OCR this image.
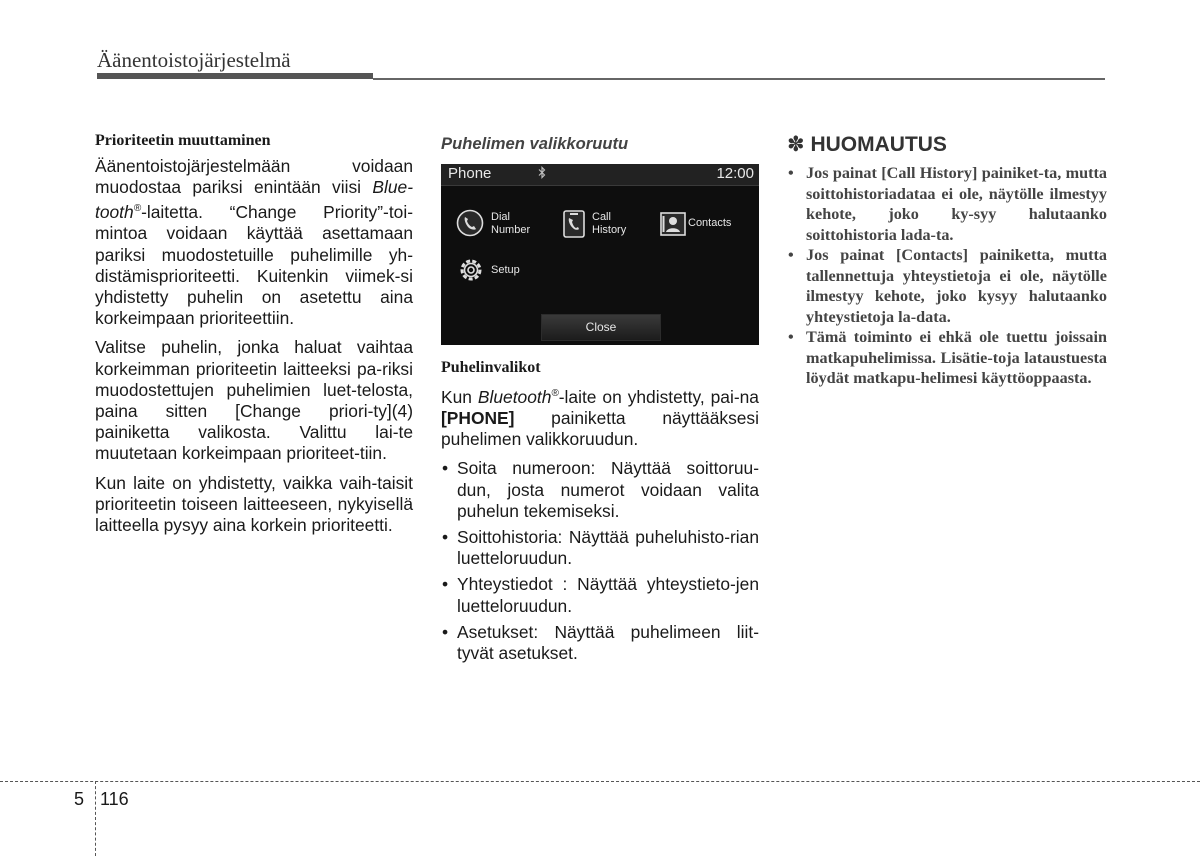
Äänentoistojärjestelmä
Prioriteetin muuttaminen

Äänentoistojärjestelmään voidaan muodostaa pariksi enintään viisi Blue-tooth®-laitetta. “Change Priority”-toi-mintoa voidaan käyttää asettamaan pariksi muodostetuille puhelimille yh-distämisprioriteetti. Kuitenkin viimek-si yhdistetty puhelin on asetettu aina korkeimpaan prioriteettiin.

Valitse puhelin, jonka haluat vaihtaa korkeimman prioriteetin laitteeksi pa-riksi muodostettujen puhelimien luet-telosta, paina sitten [Change priori-ty](4) painiketta valikosta. Valittu lai-te muutetaan korkeimpaan prioriteet-tiin.

Kun laite on yhdistetty, vaikka vaih-taisit prioriteetin toiseen laitteeseen, nykyisellä laitteella pysyy aina korkein prioriteetti.

Puhelimen valikkoruutu
Phone	12:00
Dial
Number
Call
History
Contacts
Setup
Close
Puhelinvalikot

Kun Bluetooth®-laite on yhdistetty, pai-na [PHONE] painiketta näyttääksesi puhelimen valikkoruudun.

• Soita numeroon: Näyttää soittoruu-dun, josta numerot voidaan valita puhelun tekemiseksi.
• Soittohistoria: Näyttää puheluhisto-rian luetteloruudun.
• Yhteystiedot : Näyttää yhteystieto-jen luetteloruudun.
• Asetukset: Näyttää puhelimeen liit-tyvät asetukset.
✽ HUOMAUTUS
• Jos painat [Call History] painiket-ta, mutta soittohistoriadataa ei ole, näytölle ilmestyy kehote, joko ky-syy halutaanko soittohistoria lada-ta.
• Jos painat [Contacts] painiketta, mutta tallennettuja yhteystietoja ei ole, näytölle ilmestyy kehote, joko kysyy halutaanko yhteystietoja la-data.
• Tämä toiminto ei ehkä ole tuettu joissain matkapuhelimissa. Lisätie-toja lataustuesta löydät matkapu-helimesi käyttöoppaasta.
5 116
